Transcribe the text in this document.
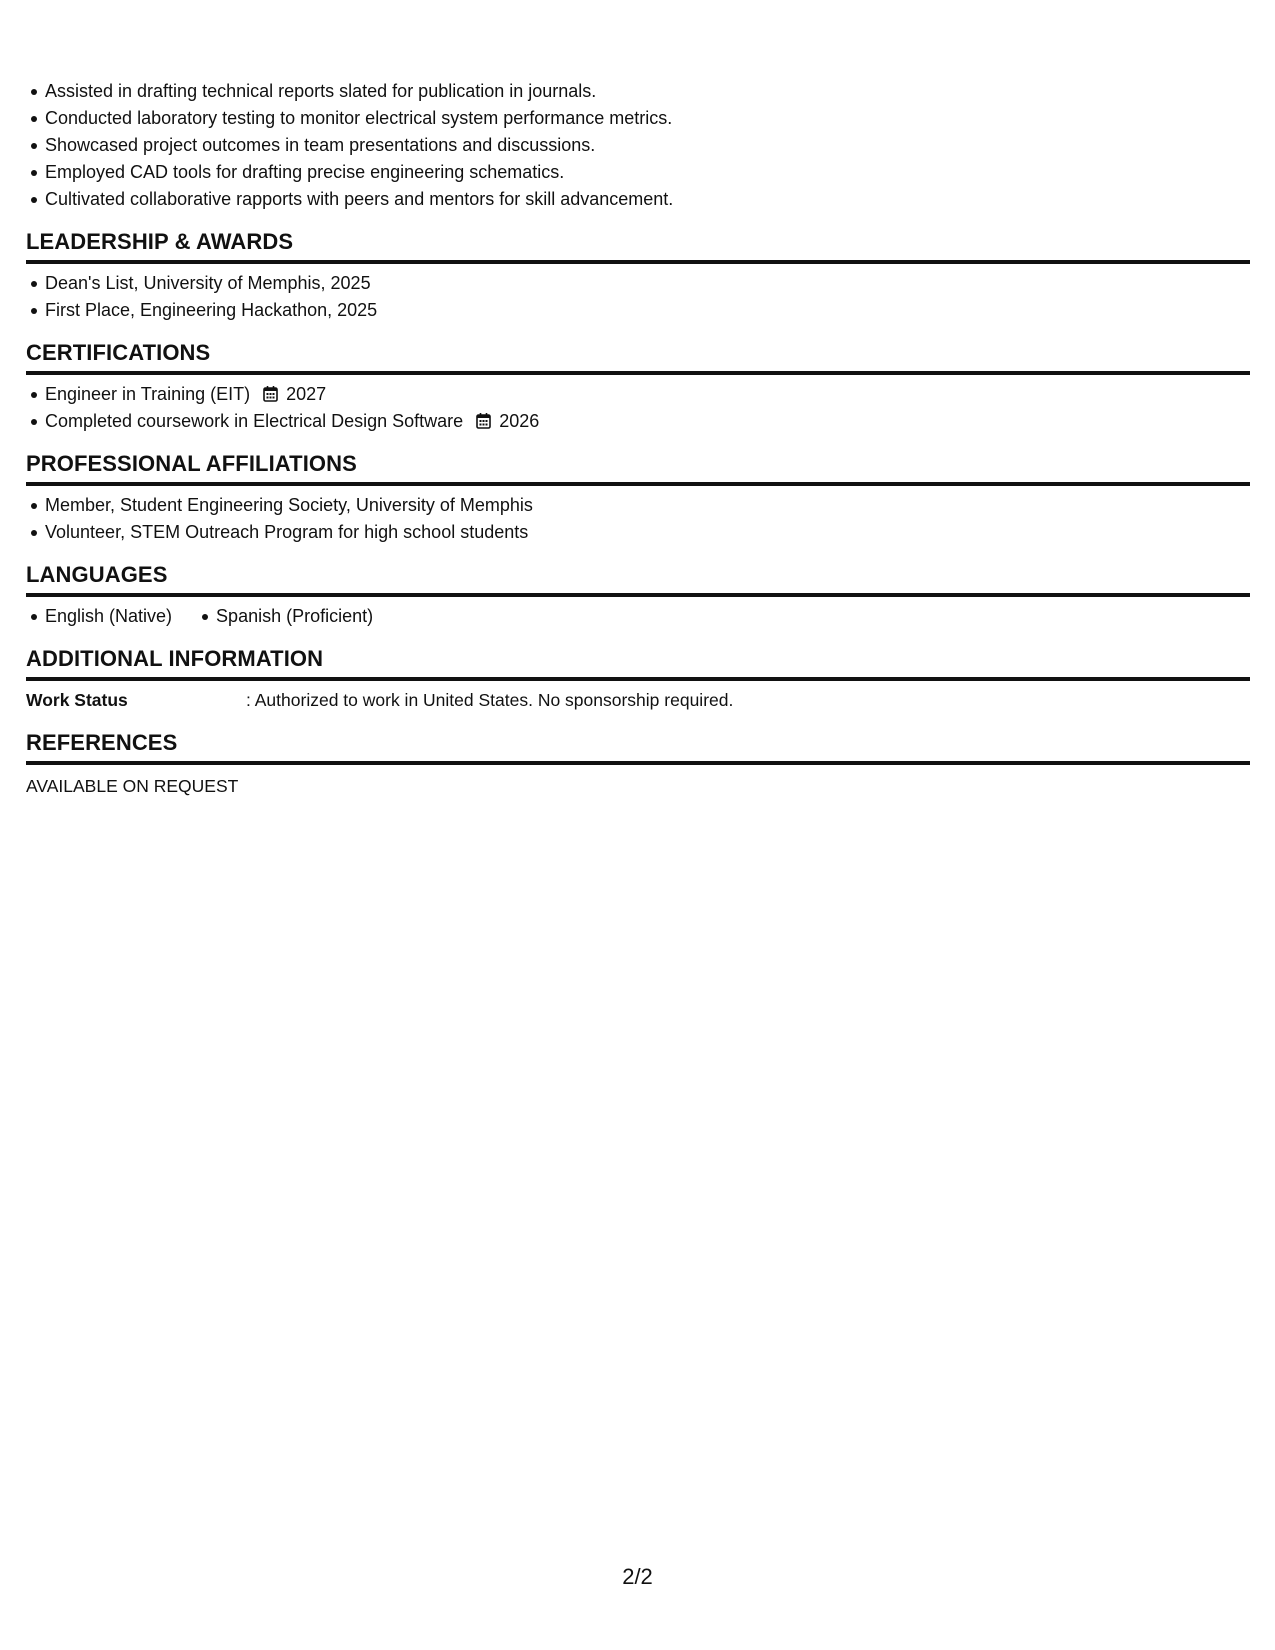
Assisted in drafting technical reports slated for publication in journals.
Conducted laboratory testing to monitor electrical system performance metrics.
Showcased project outcomes in team presentations and discussions.
Employed CAD tools for drafting precise engineering schematics.
Cultivated collaborative rapports with peers and mentors for skill advancement.
LEADERSHIP & AWARDS
Dean's List, University of Memphis, 2025
First Place, Engineering Hackathon, 2025
CERTIFICATIONS
Engineer in Training (EIT) 2027
Completed coursework in Electrical Design Software 2026
PROFESSIONAL AFFILIATIONS
Member, Student Engineering Society, University of Memphis
Volunteer, STEM Outreach Program for high school students
LANGUAGES
English (Native) Spanish (Proficient)
ADDITIONAL INFORMATION
Work Status	: Authorized to work in United States. No sponsorship required.
REFERENCES
AVAILABLE ON REQUEST
2/2
